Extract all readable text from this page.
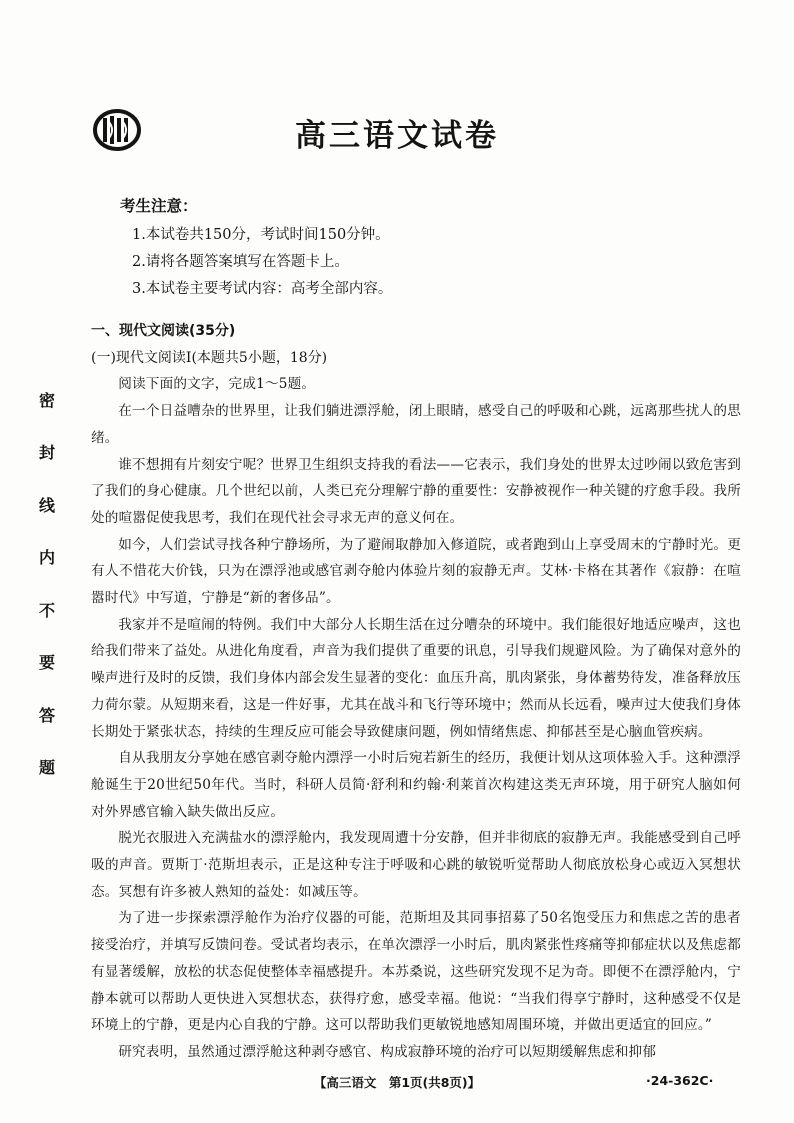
高三语文试卷
考生注意：
1.本试卷共150分，考试时间150分钟。
2.请将各题答案填写在答题卡上。
3.本试卷主要考试内容：高考全部内容。
密
封
线
内
不
要
答
题
一、现代文阅读(35分)
(一)现代文阅读Ⅰ(本题共5小题，18分)

阅读下面的文字，完成1～5题。

在一个日益嘈杂的世界里，让我们躺进漂浮舱，闭上眼睛，感受自己的呼吸和心跳，远离那些扰人的思绪。

谁不想拥有片刻安宁呢？世界卫生组织支持我的看法——它表示，我们身处的世界太过吵闹以致危害到了我们的身心健康。几个世纪以前，人类已充分理解宁静的重要性：安静被视作一种关键的疗愈手段。我所处的喧嚣促使我思考，我们在现代社会寻求无声的意义何在。

如今，人们尝试寻找各种宁静场所，为了避闹取静加入修道院，或者跑到山上享受周末的宁静时光。更有人不惜花大价钱，只为在漂浮池或感官剥夺舱内体验片刻的寂静无声。艾林·卡格在其著作《寂静：在喧嚣时代》中写道，宁静是“新的奢侈品”。

我家并不是喧闹的特例。我们中大部分人长期生活在过分嘈杂的环境中。我们能很好地适应噪声，这也给我们带来了益处。从进化角度看，声音为我们提供了重要的讯息，引导我们规避风险。为了确保对意外的噪声进行及时的反馈，我们身体内部会发生显著的变化：血压升高，肌肉紧张，身体蓄势待发，准备释放压力荷尔蒙。从短期来看，这是一件好事，尤其在战斗和飞行等环境中；然而从长远看，噪声过大使我们身体长期处于紧张状态，持续的生理反应可能会导致健康问题，例如情绪焦虑、抑郁甚至是心脑血管疾病。

自从我朋友分享她在感官剥夺舱内漂浮一小时后宛若新生的经历，我便计划从这项体验入手。这种漂浮舱诞生于20世纪50年代。当时，科研人员简·舒利和约翰·利莱首次构建这类无声环境，用于研究人脑如何对外界感官输入缺失做出反应。

脱光衣服进入充满盐水的漂浮舱内，我发现周遭十分安静，但并非彻底的寂静无声。我能感受到自己呼吸的声音。贾斯丁·范斯坦表示，正是这种专注于呼吸和心跳的敏锐听觉帮助人彻底放松身心或迈入冥想状态。冥想有许多被人熟知的益处：如减压等。

为了进一步探索漂浮舱作为治疗仪器的可能，范斯坦及其同事招募了50名饱受压力和焦虑之苦的患者接受治疗，并填写反馈问卷。受试者均表示，在单次漂浮一小时后，肌肉紧张性疼痛等抑郁症状以及焦虑都有显著缓解，放松的状态促使整体幸福感提升。本苏桑说，这些研究发现不足为奇。即便不在漂浮舱内，宁静本就可以帮助人更快进入冥想状态，获得疗愈，感受幸福。他说：“当我们得享宁静时，这种感受不仅是环境上的宁静，更是内心自我的宁静。这可以帮助我们更敏锐地感知周围环境，并做出更适宜的回应。”

研究表明，虽然通过漂浮舱这种剥夺感官、构成寂静环境的治疗可以短期缓解焦虑和抑郁

【高三语文　第1页(共8页)】	·24-362C·
